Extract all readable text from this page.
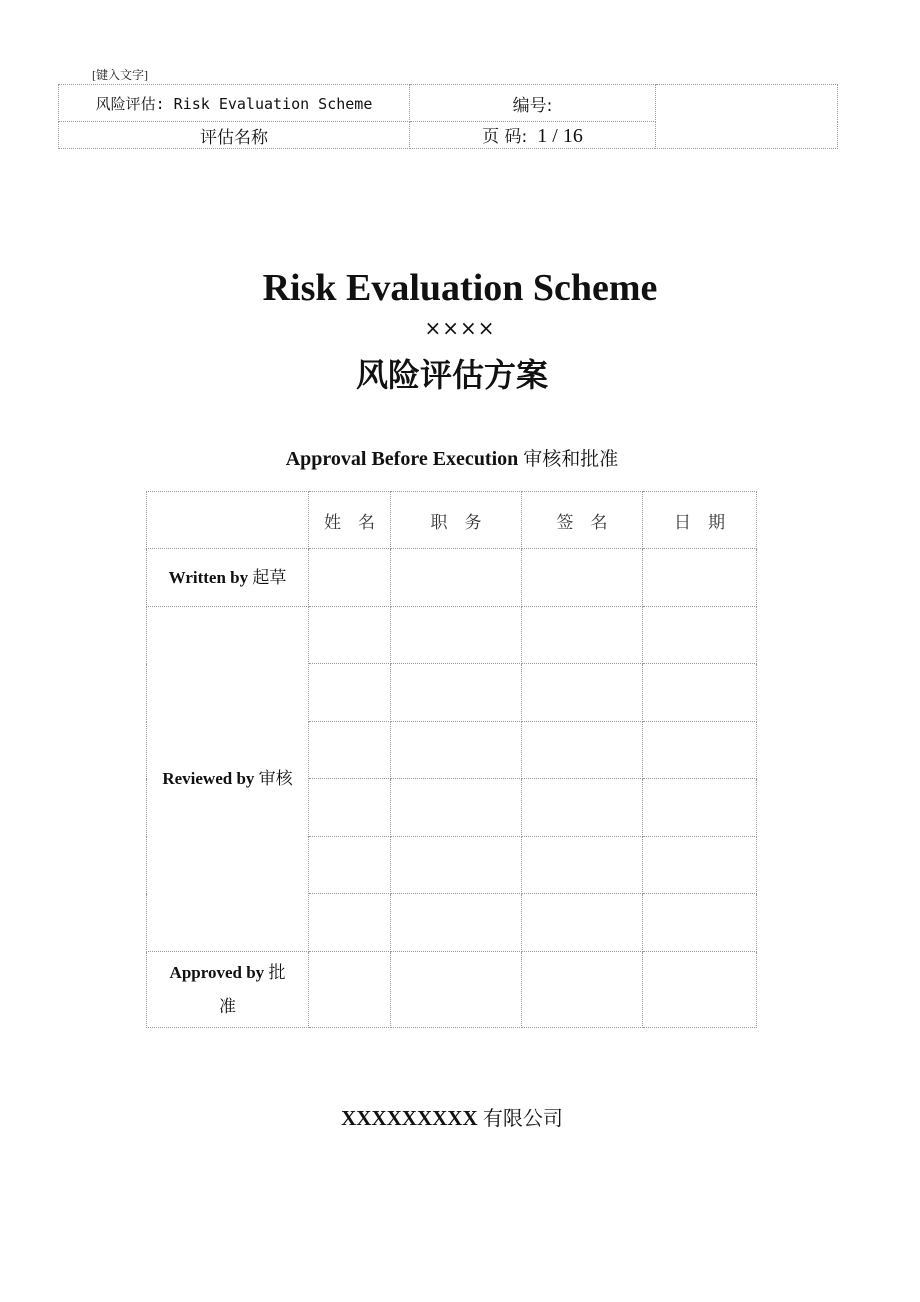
[键入文字]
风险评估: Risk Evaluation Scheme	编号:	
评估名称	页 码: 1 / 16	
Risk Evaluation Scheme
××××
风险评估方案
Approval Before Execution 审核和批准
	姓　名	职　务	签　名	日　期
Written by 起草				
Reviewed by 审核				

Approved by 批
准				
XXXXXXXXX 有限公司
